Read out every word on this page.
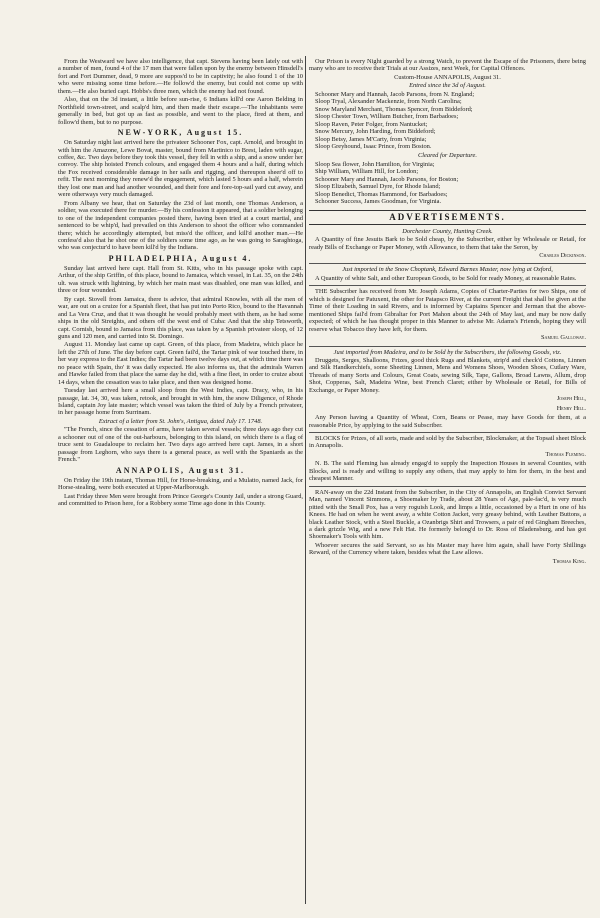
From the Westward we have also intelligence, that capt. Stevens having been lately out with a number of men, found 4 of the 17 men that were fallen upon by the enemy between Hinsdell's fort and Fort Dummer, dead, 9 more are suppos'd to be in captivity; he also found 1 of the 10 who were missing some time before.—He follow'd the enemy, but could not come up with them.—He also buried capt. Hobbs's three men, which the enemy had not found.

Also, that on the 3d instant, a little before sun-rise, 6 Indians kill'd one Aaron Belding in Northfield town-street, and scalp'd him, and then made their escape.—The inhabitants were generally in bed, but got up as fast as possible, and went to the place, fired at them, and follow'd them, but to no purpose.

NEW-YORK, August 15.

On Saturday night last arrived here the privateer Schooner Fox, capt. Arnold, and brought in with him the Amazone, Lewe Bovat, master, bound from Martinico to Brest, laden with sugar, coffee, &c. Two days before they took this vessel, they fell in with a ship, and a snow under her convoy. The ship hoisted French colours, and engaged them 4 hours and a half, during which the Fox received considerable damage in her sails and rigging, and thereupon sheer'd off to refit. The next morning they renew'd the engagement, which lasted 5 hours and a half, wherein they lost one man and had another wounded, and their fore and fore-top-sail yard cut away, and were otherways very much damaged.

From Albany we hear, that on Saturday the 23d of last month, one Thomas Anderson, a soldier, was executed there for murder.—By his confession it appeared, that a soldier belonging to one of the independent companies posted there, having been tried at a court martial, and sentenced to be whip'd, had prevailed on this Anderson to shoot the officer who commanded there; which he accordingly attempted, but miss'd the officer, and kill'd another man.—He confess'd also that he shot one of the soldiers some time ago, as he was going to Saraghtoga, who was conjectur'd to have been kill'd by the Indians.

PHILADELPHIA, August 4.

Sunday last arrived here capt. Hall from St. Kitts, who in his passage spoke with capt. Arthur, of the ship Griffin, of this place, bound to Jamaica, which vessel, in Lat. 35, on the 24th ult. was struck with lightning, by which her main mast was disabled, one man was killed, and three or four wounded.

By capt. Stovell from Jamaica, there is advice, that admiral Knowles, with all the men of war, are out on a cruize for a Spanish fleet, that has put into Porto Rico, bound to the Havannah and La Vera Cruz, and that it was thought he would probably meet with them, as he had some ships in the old Streights, and others off the west end of Cuba: And that the ship Tetsworth, capt. Cornish, bound to Jamaica from this place, was taken by a Spanish privateer sloop, of 12 guns and 120 men, and carried into St. Domingo.

August 11. Monday last came up capt. Green, of this place, from Madeira, which place he left the 27th of June. The day before capt. Green fail'd, the Tartar pink of war touched there, in her way express to the East Indies; the Tartar had been twelve days out, at which time there was no peace with Spain, tho' it was daily expected. He also informs us, that the admirals Warren and Hawke failed from that place the same day he did, with a fine fleet, in order to cruize about 14 days, when the cessation was to take place, and then was designed home.

Tuesday last arrived here a small sloop from the West Indies, capt. Dracy, who, in his passage, lat. 34, 30, was taken, retook, and brought in with him, the snow Diligence, of Rhode Island, captain Joy late master; which vessel was taken the third of July by a French privateer, in her passage home from Surrinam.

Extract of a letter from St. John's, Antigua, dated July 17. 1748.

"The French, since the cessation of arms, have taken several vessels; three days ago they cut a schooner out of one of the out-harbours, belonging to this island, on which there is a flag of truce sent to Guadaloupe to reclaim her. Two days ago arrived here capt. James, in a short passage from Leghorn, who says there is a general peace, as well with the Spaniards as the French."

ANNAPOLIS, August 31.

On Friday the 19th instant, Thomas Hill, for Horse-breaking, and a Mulatto, named Jack, for Horse-stealing, were both executed at Upper-Marlborough.

Last Friday three Men were brought from Prince George's County Jail, under a strong Guard, and committed to Prison here, for a Robbery some Time ago done in this County.

Our Prison is every Night guarded by a strong Watch, to prevent the Escape of the Prisoners, there being many who are to receive their Trials at our Assizes, next Week, for Capital Offences.

Custom-House ANNAPOLIS, August 31.

Entred since the 3d of August.

Schooner Mary and Hannah, Jacob Parsons, from N. England;
Sloop Tryal, Alexander Mackenzie, from North Carolina;
Snow Maryland Merchant, Thomas Spencer, from Biddeford;
Sloop Chester Town, William Butcher, from Barbadoes;
Sloop Raven, Peter Folger, from Nantucket;
Snow Mercury, John Harding, from Biddeford;
Sloop Betsy, James M'Carty, from Virginia;
Sloop Greyhound, Isaac Prince, from Boston.

Cleared for Departure.

Sloop Sea flower, John Hamilton, for Virginia;
Ship William, William Hill, for London;
Schooner Mary and Hannah, Jacob Parsons, for Boston;
Sloop Elizabeth, Samuel Dyre, for Rhode Island;
Sloop Benedict, Thomas Hammond, for Barbadoes;
Schooner Success, James Goodman, for Virginia.
ADVERTISEMENTS.

Dorchester County, Hunting Creek.

A Quantity of fine Jesuits Bark to be Sold cheap, by the Subscriber, either by Wholesale or Retail, for ready Bills of Exchange or Paper Money, with Allowance, to them that take the Seron, by

Charles Dickinson.

Just imported in the Snow Choptank, Edward Barnes Master, now lying at Oxford,

A Quantity of white Salt, and other European Goods, to be Sold for ready Money, at reasonable Rates.

THE Subscriber has received from Mr. Joseph Adams, Copies of Charter-Parties for two Ships, one of which is designed for Patuxent, the other for Patapsco River, at the current Freight that shall be given at the Time of their Loading in said Rivers, and is informed by Captains Spencer and Jerman that the above-mentioned Ships fail'd from Gibraltar for Port Mahon about the 24th of May last, and may be now daily expected; of which he has thought proper in this Manner to advise Mr. Adams's Friends, hoping they will reserve what Tobacco they have left, for them.

Samuel Galloway.

Just imported from Madeira, and to be Sold by the Subscribers, the following Goods, viz.

Druggets, Serges, Shalloons, Frizes, good thick Rugs and Blankets, strip'd and check'd Cottons, Linnen and Silk Handkerchiefs, some Sheeting Linnen, Mens and Womens Shoes, Wooden Shoes, Cutlary Ware, Threads of many Sorts and Colours, Great Coats, sewing Silk, Tape, Gallons, Broad Lawns, Allum, drop Shot, Copperas, Salt, Madeira Wine, best French Claret; either by Wholesale or Retail, for Bills of Exchange, or Paper Money.

Joseph Hill,

Henry Hill.

Any Person having a Quantity of Wheat, Corn, Beans or Pease, may have Goods for them, at a reasonable Price, by applying to the said Subscriber.

BLOCKS for Prizes, of all sorts, made and sold by the Subscriber, Blockmaker, at the Topsail sheet Block in Annapolis.

Thomas Fleming.

N. B. The said Fleming has already engag'd to supply the Inspection Houses in several Counties, with Blocks, and is ready and willing to supply any others, that may apply to him for them, in the best and cheapest Manner.

RAN-away on the 22d Instant from the Subscriber, in the City of Annapolis, an English Convict Servant Man, named Vincent Simmons, a Shoemaker by Trade, about 28 Years of Age, pale-fac'd, is very much pitted with the Small Pox, has a very roguish Look, and limps a little, occasioned by a Hurt in one of his Knees. He had on when he went away, a white Cotton Jacket, very greasy behind, with Leather Buttons, a black Leather Stock, with a Steel Buckle, a Ozanbrigs Shirt and Trowsers, a pair of red Gingham Breeches, a dark grizzle Wig, and a new Felt Hat. He formerly belong'd to Dr. Ross of Bladensburg, and has got Shoemaker's Tools with him.

Whoever secures the said Servant, so as his Master may have him again, shall have Forty Shillings Reward, of the Currency where taken, besides what the Law allows.

Thomas King.
